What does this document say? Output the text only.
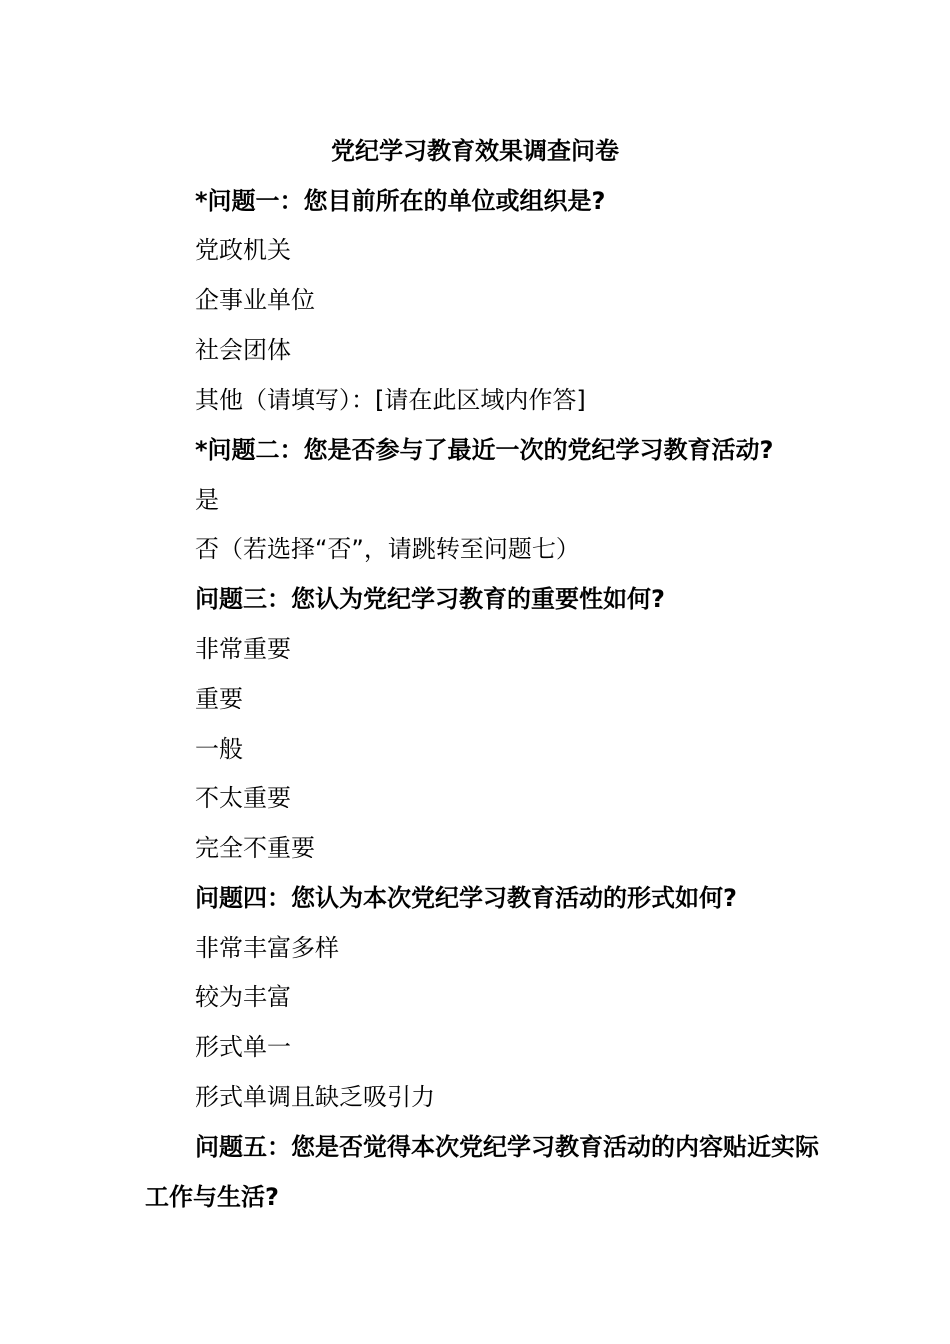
党纪学习教育效果调查问卷
*问题一：您目前所在的单位或组织是?
党政机关
企事业单位
社会团体
其他（请填写）：[请在此区域内作答]
*问题二：您是否参与了最近一次的党纪学习教育活动?
是
否（若选择“否”，请跳转至问题七）
问题三：您认为党纪学习教育的重要性如何?
非常重要
重要
一般
不太重要
完全不重要
问题四：您认为本次党纪学习教育活动的形式如何?
非常丰富多样
较为丰富
形式单一
形式单调且缺乏吸引力
问题五：您是否觉得本次党纪学习教育活动的内容贴近实际工作与生活?
